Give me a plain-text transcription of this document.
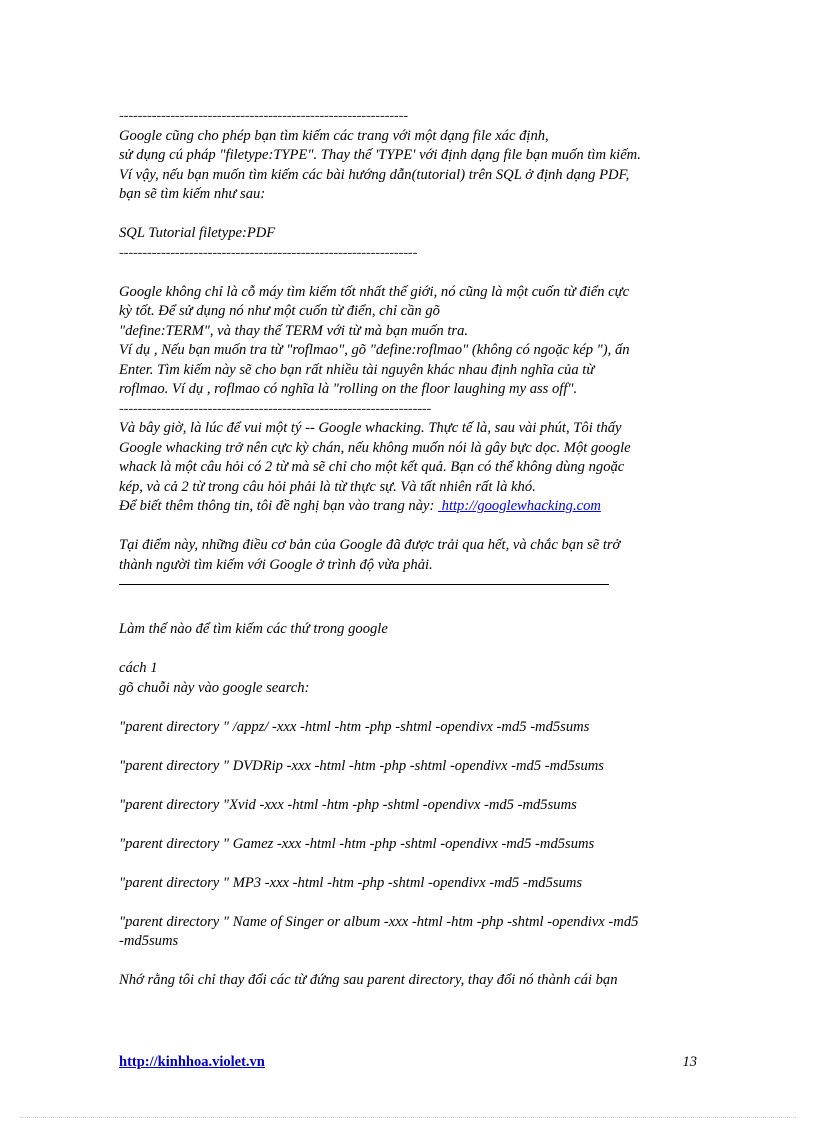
--------------------------------------------------------------

Google cũng cho phép bạn tìm kiếm các trang với một dạng file xác định,

sử dụng cú pháp "filetype:TYPE". Thay thế 'TYPE' với định dạng file bạn muốn tìm kiếm.

Ví vậy, nếu bạn muốn tìm kiếm các bài hướng dẫn(tutorial) trên SQL ở định dạng PDF,

bạn sẽ tìm kiếm như sau:

SQL Tutorial filetype:PDF

----------------------------------------------------------------

Google không chỉ là cỗ máy tìm kiếm tốt nhất thế giới, nó cũng là một cuốn từ điển cực

kỳ tốt. Để sử dụng nó như một cuốn từ điển, chỉ cần gõ

"define:TERM", và thay thế TERM với từ mà bạn muốn tra.

Ví dụ , Nếu bạn muốn tra từ "roflmao", gõ "define:roflmao" (không có ngoặc kép "), ấn

Enter. Tìm kiếm này sẽ cho bạn rất nhiều tài nguyên khác nhau định nghĩa của từ

roflmao. Ví dụ , roflmao có nghĩa là "rolling on the floor laughing my ass off".

-------------------------------------------------------------------

Và bây giờ, là lúc để vui một tý -- Google whacking. Thực tế là, sau vài phút, Tôi thấy

Google whacking trở nên cực kỳ chán, nếu không muốn nói là gây bực dọc. Một google

whack là một câu hỏi có 2 từ mà sẽ chỉ cho một kết quả. Bạn có thể không dùng ngoặc

kép, và cả 2 từ trong câu hỏi phải là từ thực sự. Và tất nhiên rất là khó.

Để biết thêm thông tin, tôi đề nghị bạn vào trang này:  http://googlewhacking.com

Tại điểm này, những điều cơ bản của Google đã được trải qua hết, và chắc bạn sẽ trở

thành người tìm kiếm với Google ở trình độ vừa phải.

Làm thế nào để tìm kiếm các thứ trong google

cách 1

gõ chuỗi này vào google search:

"parent directory " /appz/ -xxx -html -htm -php -shtml -opendivx -md5 -md5sums

"parent directory " DVDRip -xxx -html -htm -php -shtml -opendivx -md5 -md5sums

"parent directory "Xvid -xxx -html -htm -php -shtml -opendivx -md5 -md5sums

"parent directory " Gamez -xxx -html -htm -php -shtml -opendivx -md5 -md5sums

"parent directory " MP3 -xxx -html -htm -php -shtml -opendivx -md5 -md5sums

"parent directory " Name of Singer or album -xxx -html -htm -php -shtml -opendivx -md5

-md5sums

Nhớ rằng tôi chỉ thay đổi các từ đứng sau parent directory, thay đổi nó thành cái bạn

http://kinhhoa.violet.vn	13
